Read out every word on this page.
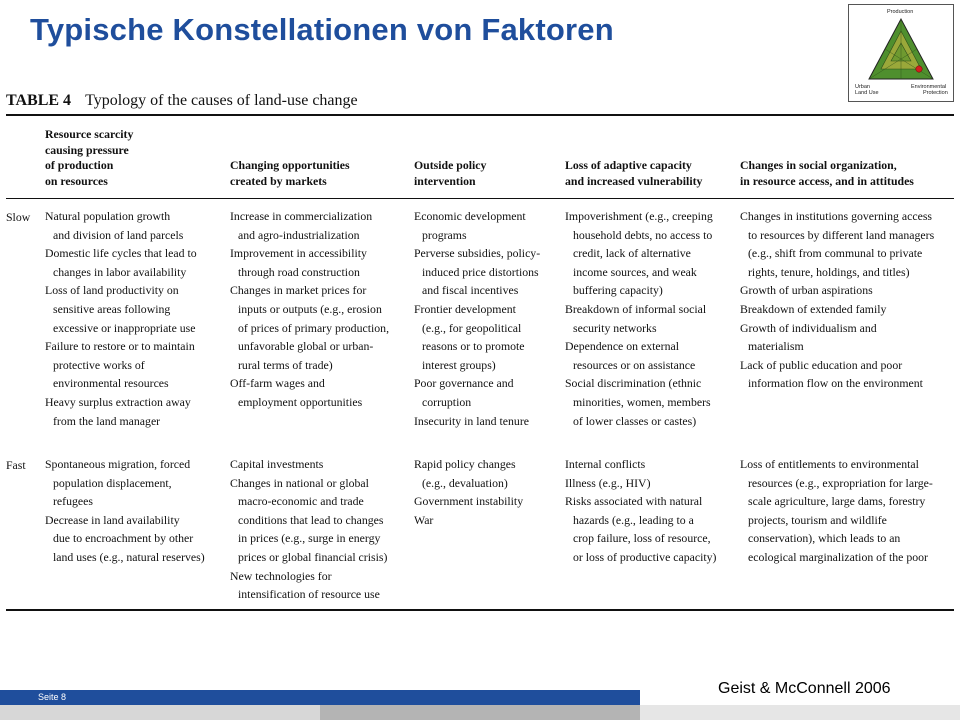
Typische Konstellationen von Faktoren	Production
Urban
Land Use
Environmental
Protection
TABLE 4 Typology of the causes of land-use change
Resource scarcity
causing pressure
of production
on resources
Changing opportunities
created by markets
Outside policy
intervention
Loss of adaptive capacity
and increased vulnerability
Changes in social organization,
in resource access, and in attitudes
Slow Natural population growth
and division of land parcels
Domestic life cycles that lead to
changes in labor availability
Loss of land productivity on
sensitive areas following
excessive or inappropriate use
Failure to restore or to maintain
protective works of
environmental resources
Heavy surplus extraction away
from the land manager
Increase in commercialization
and agro-industrialization
Improvement in accessibility
through road construction
Changes in market prices for
inputs or outputs (e.g., erosion
of prices of primary production,
unfavorable global or urban-
rural terms of trade)
Off-farm wages and
employment opportunities
Economic development
programs
Perverse subsidies, policy-
induced price distortions
and fiscal incentives
Frontier development
(e.g., for geopolitical
reasons or to promote
interest groups)
Poor governance and
corruption
Insecurity in land tenure
Impoverishment (e.g., creeping
household debts, no access to
credit, lack of alternative
income sources, and weak
buffering capacity)
Breakdown of informal social
security networks
Dependence on external
resources or on assistance
Social discrimination (ethnic
minorities, women, members
of lower classes or castes)
Changes in institutions governing access
to resources by different land managers
(e.g., shift from communal to private
rights, tenure, holdings, and titles)
Growth of urban aspirations
Breakdown of extended family
Growth of individualism and
materialism
Lack of public education and poor
information flow on the environment
Fast Spontaneous migration, forced
population displacement,
refugees
Decrease in land availability
due to encroachment by other
land uses (e.g., natural reserves)
Capital investments
Changes in national or global
macro-economic and trade
conditions that lead to changes
in prices (e.g., surge in energy
prices or global financial crisis)
New technologies for
intensification of resource use
Rapid policy changes
(e.g., devaluation)
Government instability
War
Internal conflicts
Illness (e.g., HIV)
Risks associated with natural
hazards (e.g., leading to a
crop failure, loss of resource,
or loss of productive capacity)
Loss of entitlements to environmental
resources (e.g., expropriation for large-
scale agriculture, large dams, forestry
projects, tourism and wildlife
conservation), which leads to an
ecological marginalization of the poor
Geist & McConnell 2006
Seite 8
